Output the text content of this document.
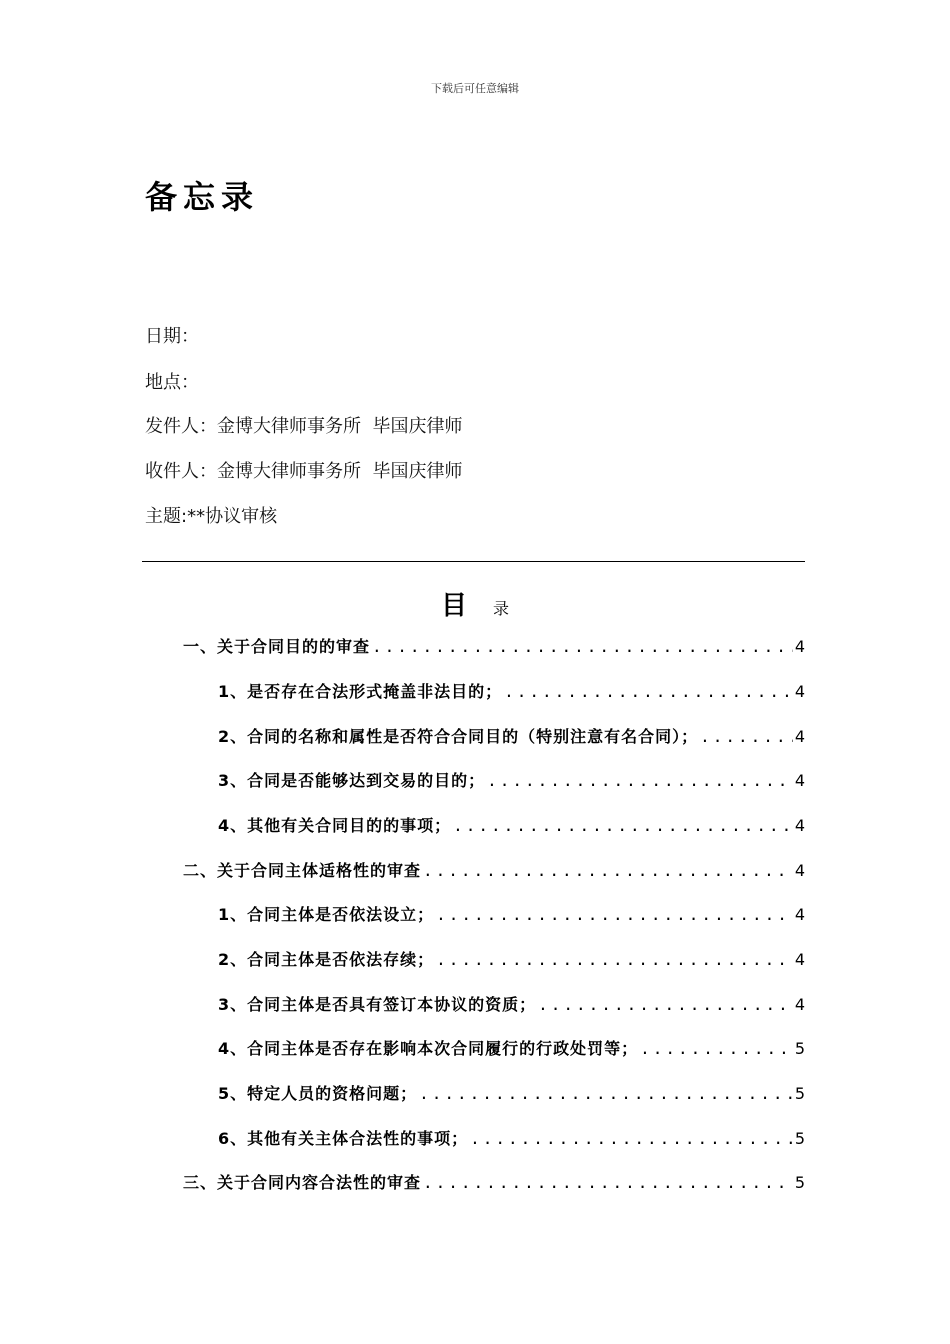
下载后可任意编辑
备忘录
日期：
地点：
发件人：金博大律师事务所  毕国庆律师
收件人：金博大律师事务所  毕国庆律师
主题:**协议审核
目 录
一、关于合同目的的审查 .....	4
1、是否存在合法形式掩盖非法目的； .....	4
2、合同的名称和属性是否符合合同目的（特别注意有名合同）； .....	4
3、合同是否能够达到交易的目的； .....	4
4、其他有关合同目的的事项； .....	4
二、关于合同主体适格性的审查 .....	4
1、合同主体是否依法设立； .....	4
2、合同主体是否依法存续； .....	4
3、合同主体是否具有签订本协议的资质； .....	4
4、合同主体是否存在影响本次合同履行的行政处罚等； .....	5
5、特定人员的资格问题； .....	5
6、其他有关主体合法性的事项； .....	5
三、关于合同内容合法性的审查 .....	5
